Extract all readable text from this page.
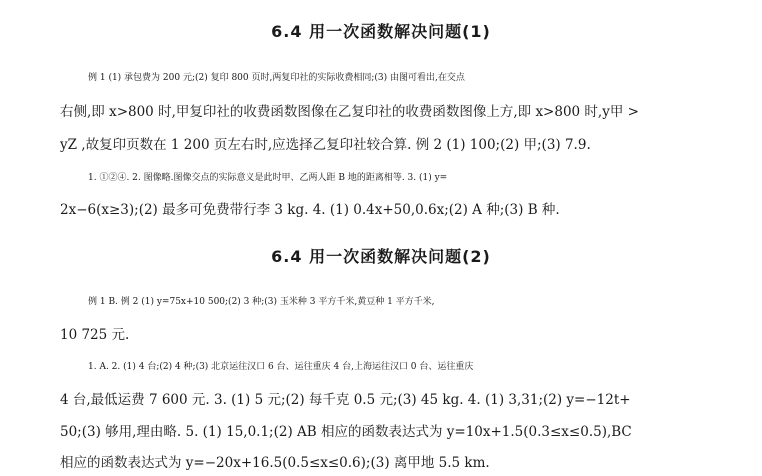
6.4 用一次函数解决问题(1)
例 1 (1) 承包费为 200 元;(2) 复印 800 页时,两复印社的实际收费相同;(3) 由图可看出,在交点
右侧,即 x>800 时,甲复印社的收费函数图像在乙复印社的收费函数图像上方,即 x>800 时,y甲 >
yZ ,故复印页数在 1 200 页左右时,应选择乙复印社较合算. 例 2 (1) 100;(2) 甲;(3) 7.9.
1. ①②④. 2. 图像略.图像交点的实际意义是此时甲、乙两人距 B 地的距离相等. 3. (1) y=
2x−6(x≥3);(2) 最多可免费带行李 3 kg. 4. (1) 0.4x+50,0.6x;(2) A 种;(3) B 种.
6.4 用一次函数解决问题(2)
例 1 B. 例 2 (1) y=75x+10 500;(2) 3 种;(3) 玉米种 3 平方千米,黄豆种 1 平方千米,
10 725 元.
1. A. 2. (1) 4 台;(2) 4 种;(3) 北京运往汉口 6 台、运往重庆 4 台,上海运往汉口 0 台、运往重庆
4 台,最低运费 7 600 元. 3. (1) 5 元;(2) 每千克 0.5 元;(3) 45 kg. 4. (1) 3,31;(2) y=−12t+
50;(3) 够用,理由略. 5. (1) 15,0.1;(2) AB 相应的函数表达式为 y=10x+1.5(0.3≤x≤0.5),BC
相应的函数表达式为 y=−20x+16.5(0.5≤x≤0.6);(3) 离甲地 5.5 km.
